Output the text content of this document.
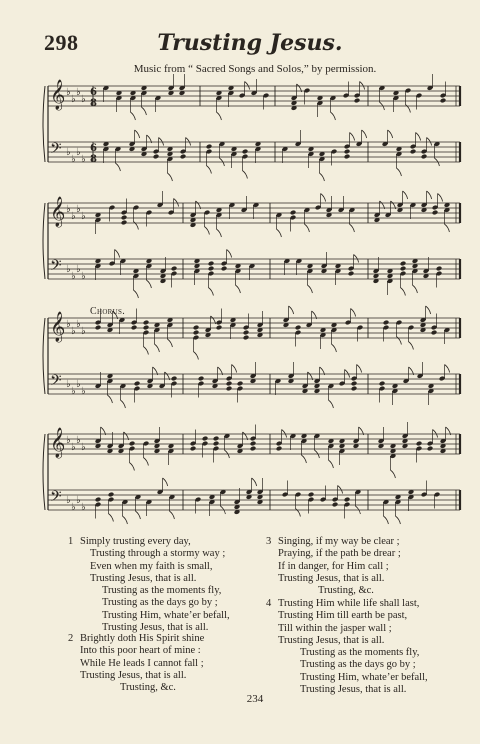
298	Trusting Jesus.
Music from “ Sacred Songs and Solos,” by permission.
𝄞 ♭
♭
♭
♭
6
8
𝄢 ♭
♭
♭
♭
6
8
𝄞 ♭
♭
♭
♭
𝄢 ♭
♭
♭
♭
𝄞 ♭
♭
♭
♭
𝄢 ♭
♭
♭
♭
𝄞 ♭
♭
♭
♭
𝄢 ♭
♭
♭
♭
Chorus.
Simply trusting every day,
1
Trusting through a stormy way ;
Even when my faith is small,
Trusting Jesus, that is all.
Trusting as the moments fly,
Trusting as the days go by ;
Trusting Him, whate’er befall,
Trusting Jesus, that is all.
Brightly doth His Spirit shine
2
Into this poor heart of mine :
While He leads I cannot fall ;
Trusting Jesus, that is all.
Trusting, &c.
Singing, if my way be clear ;
3
Praying, if the path be drear ;
If in danger, for Him call ;
Trusting Jesus, that is all.
Trusting, &c.
Trusting Him while life shall last,
4
Trusting Him till earth be past,
Till within the jasper wall ;
Trusting Jesus, that is all.
Trusting as the moments fly,
Trusting as the days go by ;
Trusting Him, whate’er befall,
Trusting Jesus, that is all.
234
